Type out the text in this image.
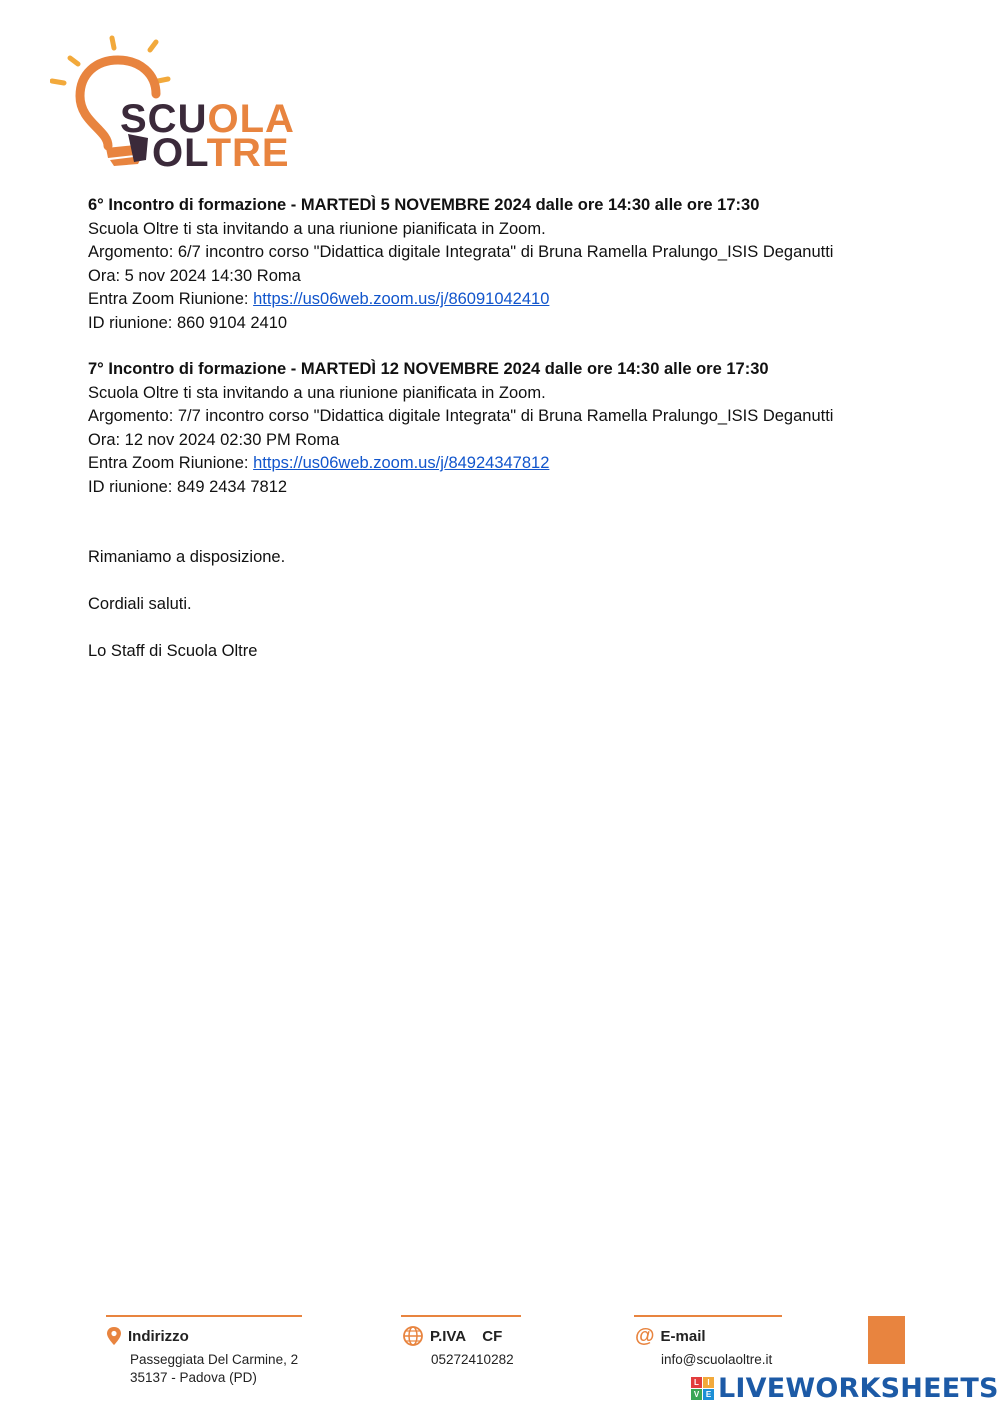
SCUOLA
OLTRE
6° Incontro di formazione - MARTEDÌ 5 NOVEMBRE 2024 dalle ore 14:30 alle ore 17:30
Scuola Oltre ti sta invitando a una riunione pianificata in Zoom.
Argomento: 6/7 incontro corso "Didattica digitale Integrata" di Bruna Ramella Pralungo_ISIS Deganutti
Ora: 5 nov 2024 14:30 Roma
Entra Zoom Riunione: https://us06web.zoom.us/j/86091042410
ID riunione: 860 9104 2410
7° Incontro di formazione - MARTEDÌ 12 NOVEMBRE 2024 dalle ore 14:30 alle ore 17:30
Scuola Oltre ti sta invitando a una riunione pianificata in Zoom.
Argomento: 7/7 incontro corso "Didattica digitale Integrata" di Bruna Ramella Pralungo_ISIS Deganutti
Ora: 12 nov 2024 02:30 PM Roma
Entra Zoom Riunione: https://us06web.zoom.us/j/84924347812
ID riunione: 849 2434 7812
Rimaniamo a disposizione.
Cordiali saluti.
Lo Staff di Scuola Oltre
Indirizzo
Passeggiata Del Carmine, 2
35137 - Padova (PD)
P.IVA    CF
05272410282
@ E-mail
info@scuolaoltre.it
L	I
V E LIVEWORKSHEETS
